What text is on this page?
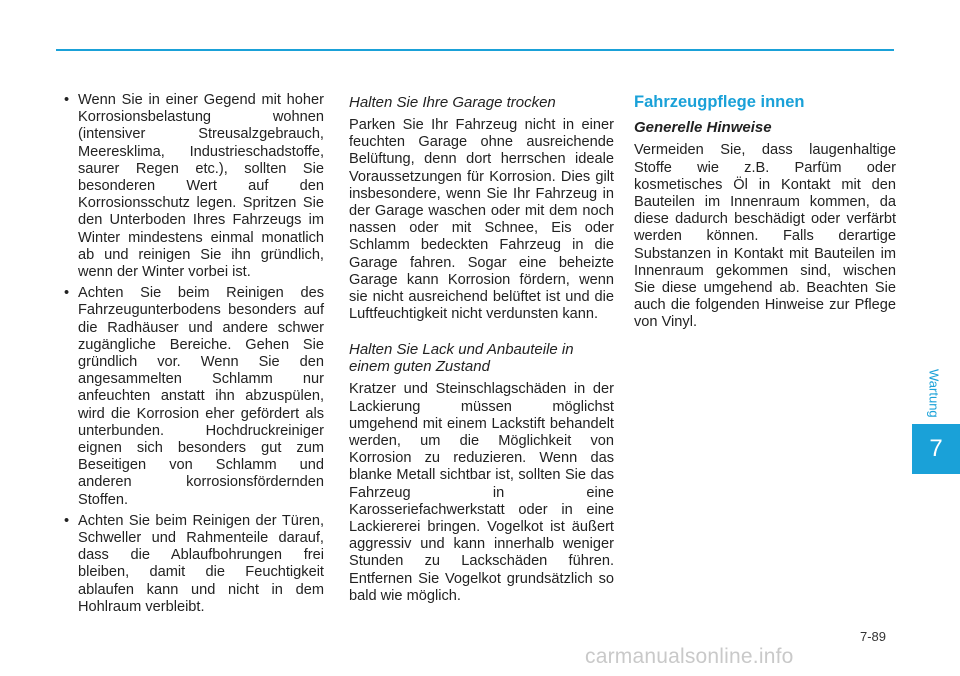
• Wenn Sie in einer Gegend mit hoher Korrosionsbelastung wohnen (intensiver Streusalzgebrauch, Meeresklima, Industrieschadstoffe, saurer Regen etc.), sollten Sie besonderen Wert auf den Korrosionsschutz legen. Spritzen Sie den Unterboden Ihres Fahrzeugs im Winter mindestens einmal monatlich ab und reinigen Sie ihn gründlich, wenn der Winter vorbei ist.
• Achten Sie beim Reinigen des Fahrzeugunterbodens besonders auf die Radhäuser und andere schwer zugängliche Bereiche. Gehen Sie gründlich vor. Wenn Sie den angesammelten Schlamm nur anfeuchten anstatt ihn abzuspülen, wird die Korrosion eher gefördert als unterbunden. Hochdruckreiniger eignen sich besonders gut zum Beseitigen von Schlamm und anderen korrosionsfördernden Stoffen.
• Achten Sie beim Reinigen der Türen, Schweller und Rahmenteile darauf, dass die Ablaufbohrungen frei bleiben, damit die Feuchtigkeit ablaufen kann und nicht in dem Hohlraum verbleibt.
Halten Sie Ihre Garage trocken

Parken Sie Ihr Fahrzeug nicht in einer feuchten Garage ohne ausreichende Belüftung, denn dort herrschen ideale Voraussetzungen für Korrosion. Dies gilt insbesondere, wenn Sie Ihr Fahrzeug in der Garage waschen oder mit dem noch nassen oder mit Schnee, Eis oder Schlamm bedeckten Fahrzeug in die Garage fahren. Sogar eine beheizte Garage kann Korrosion fördern, wenn sie nicht ausreichend belüftet ist und die Luftfeuchtigkeit nicht verdunsten kann.

Halten Sie Lack und Anbauteile in einem guten Zustand

Kratzer und Steinschlagschäden in der Lackierung müssen möglichst umgehend mit einem Lackstift behandelt werden, um die Möglichkeit von Korrosion zu reduzieren. Wenn das blanke Metall sichtbar ist, sollten Sie das Fahrzeug in eine Karosseriefachwerkstatt oder in eine Lackiererei bringen. Vogelkot ist äußert aggressiv und kann innerhalb weniger Stunden zu Lackschäden führen. Entfernen Sie Vogelkot grundsätzlich so bald wie möglich.

Fahrzeugpflege innen
Generelle Hinweise

Vermeiden Sie, dass laugenhaltige Stoffe wie z.B. Parfüm oder kosmetisches Öl in Kontakt mit den Bauteilen im Innenraum kommen, da diese dadurch beschädigt oder verfärbt werden können. Falls derartige Substanzen in Kontakt mit Bauteilen im Innenraum gekommen sind, wischen Sie diese umgehend ab. Beachten Sie auch die folgenden Hinweise zur Pflege von Vinyl.

Wartung
7
7-89
carmanualsonline.info
